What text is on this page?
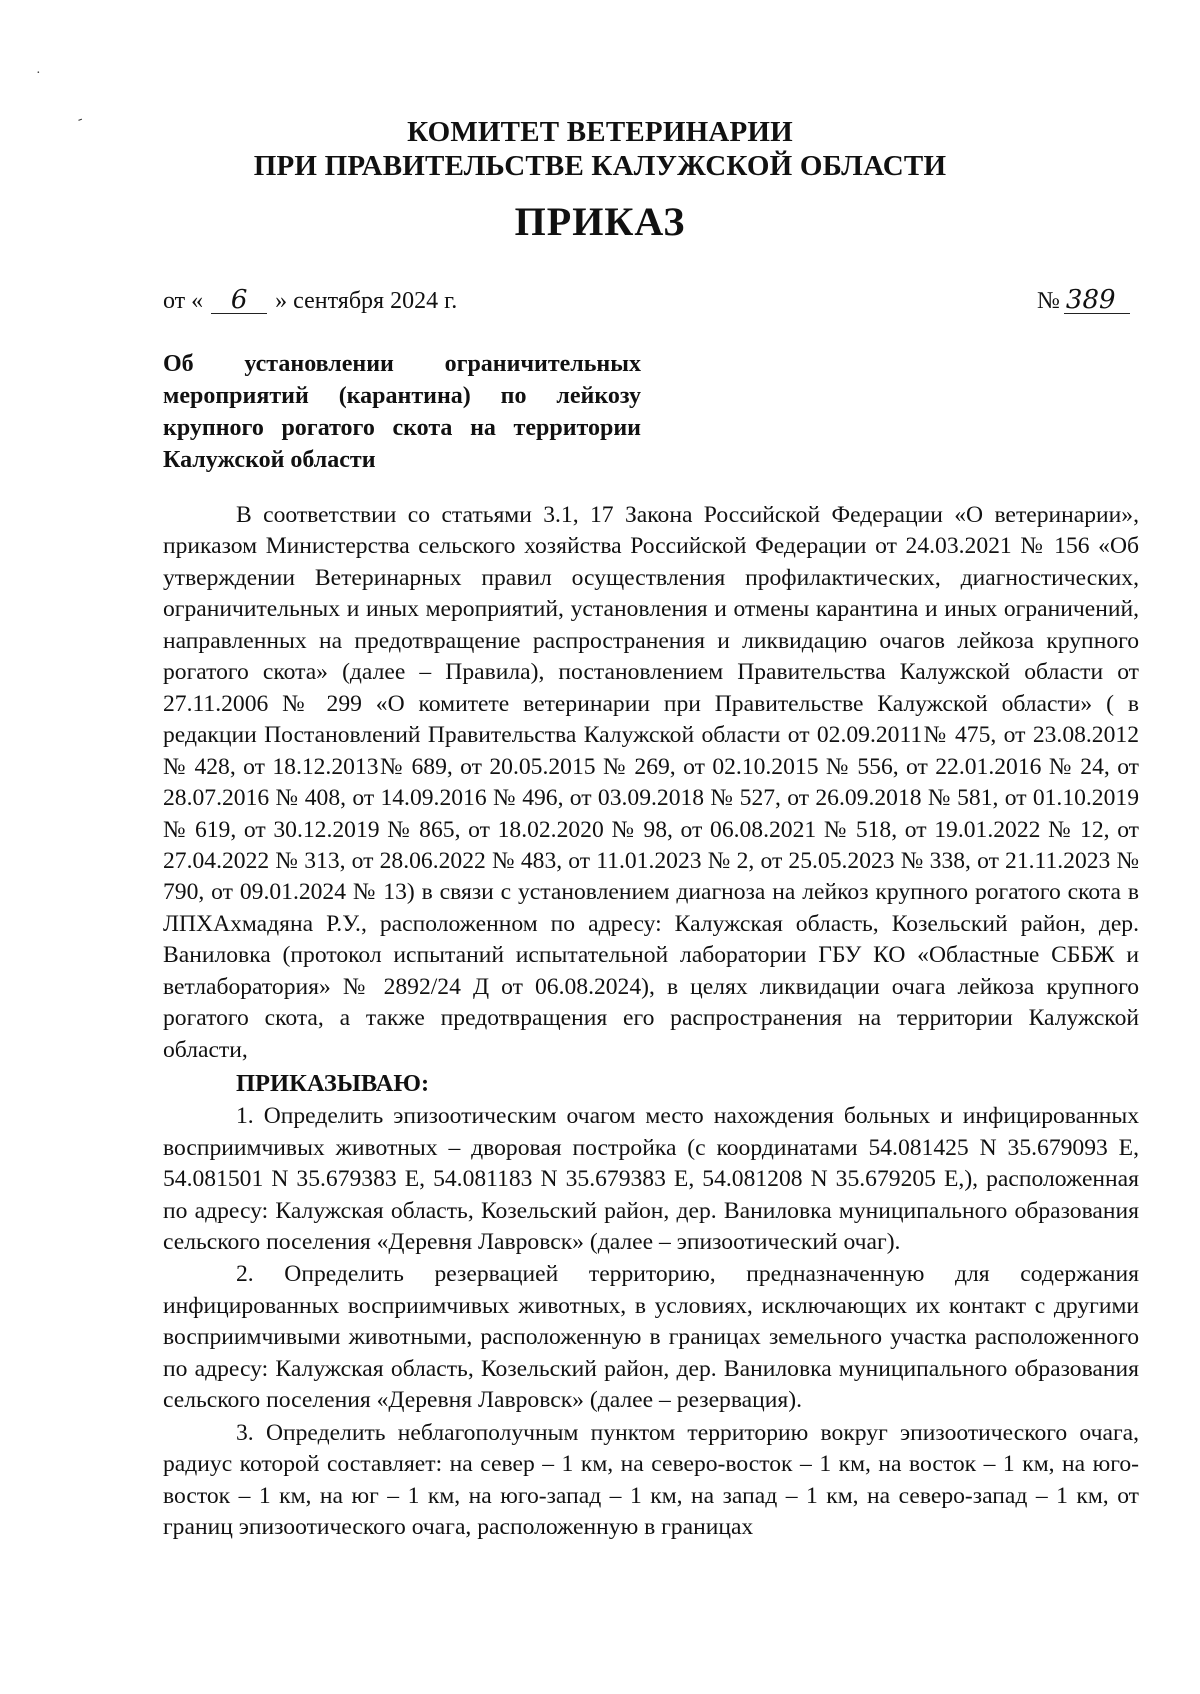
·
‐	КОМИТЕТ ВЕТЕРИНАРИИ
ПРИ ПРАВИТЕЛЬСТВЕ КАЛУЖСКОЙ ОБЛАСТИ
ПРИКАЗ
от « 6 » сентября 2024 г.	№ 389
Об установлении ограничительных мероприятий (карантина) по лейкозу крупного рогатого скота на территории Калужской области

В соответствии со статьями 3.1, 17 Закона Российской Федерации «О ветеринарии», приказом Министерства сельского хозяйства Российской Федерации от 24.03.2021 № 156 «Об утверждении Ветеринарных правил осуществления профилактических, диагностических, ограничительных и иных мероприятий, установления и отмены карантина и иных ограничений, направленных на предотвращение распространения и ликвидацию очагов лейкоза крупного рогатого скота» (далее – Правила), постановлением Правительства Калужской области от 27.11.2006 № 299 «О комитете ветеринарии при Правительстве Калужской области» ( в редакции Постановлений Правительства Калужской области от 02.09.2011№ 475, от 23.08.2012 № 428, от 18.12.2013№ 689, от 20.05.2015 № 269, от 02.10.2015 № 556, от 22.01.2016 № 24, от 28.07.2016 № 408, от 14.09.2016 № 496, от 03.09.2018 № 527, от 26.09.2018 № 581, от 01.10.2019 № 619, от 30.12.2019 № 865, от 18.02.2020 № 98, от 06.08.2021 № 518, от 19.01.2022 № 12, от 27.04.2022 № 313, от 28.06.2022 № 483, от 11.01.2023 № 2, от 25.05.2023 № 338, от 21.11.2023 № 790, от 09.01.2024 № 13) в связи с установлением диагноза на лейкоз крупного рогатого скота в ЛПХАхмадяна Р.У., расположенном по адресу: Калужская область, Козельский район, дер. Ваниловка (протокол испытаний испытательной лаборатории ГБУ КО «Областные СББЖ и ветлаборатория» № 2892/24 Д от 06.08.2024), в целях ликвидации очага лейкоза крупного рогатого скота, а также предотвращения его распространения на территории Калужской области,

ПРИКАЗЫВАЮ:

1. Определить эпизоотическим очагом место нахождения больных и инфицированных восприимчивых животных – дворовая постройка (с координатами 54.081425 N 35.679093 E, 54.081501 N 35.679383 E, 54.081183 N 35.679383 E, 54.081208 N 35.679205 E,), расположенная по адресу: Калужская область, Козельский район, дер. Ваниловка муниципального образования сельского поселения «Деревня Лавровск» (далее – эпизоотический очаг).

2. Определить резервацией территорию, предназначенную для содержания инфицированных восприимчивых животных, в условиях, исключающих их контакт с другими восприимчивыми животными, расположенную в границах земельного участка расположенного по адресу: Калужская область, Козельский район, дер. Ваниловка муниципального образования сельского поселения «Деревня Лавровск» (далее – резервация).

3. Определить неблагополучным пунктом территорию вокруг эпизоотического очага, радиус которой составляет: на север – 1 км, на северо-восток – 1 км, на восток – 1 км, на юго-восток – 1 км, на юг – 1 км, на юго-запад – 1 км, на запад – 1 км, на северо-запад – 1 км, от границ эпизоотического очага, расположенную в границах
